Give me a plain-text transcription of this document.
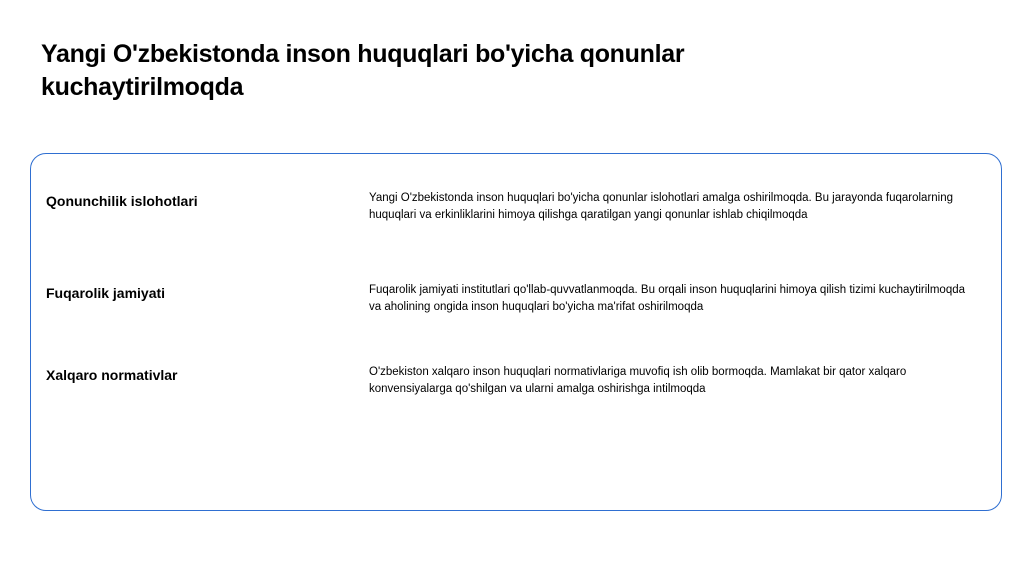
Yangi O'zbekistonda inson huquqlari bo'yicha qonunlar kuchaytirilmoqda
Qonunchilik islohotlari	Yangi O'zbekistonda inson huquqlari bo'yicha qonunlar islohotlari amalga oshirilmoqda. Bu jarayonda fuqarolarning huquqlari va erkinliklarini himoya qilishga qaratilgan yangi qonunlar ishlab chiqilmoqda
Fuqarolik jamiyati	Fuqarolik jamiyati institutlari qo'llab-quvvatlanmoqda. Bu orqali inson huquqlarini himoya qilish tizimi kuchaytirilmoqda va aholining ongida inson huquqlari bo'yicha ma'rifat oshirilmoqda
Xalqaro normativlar	O'zbekiston xalqaro inson huquqlari normativlariga muvofiq ish olib bormoqda. Mamlakat bir qator xalqaro konvensiyalarga qo'shilgan va ularni amalga oshirishga intilmoqda
